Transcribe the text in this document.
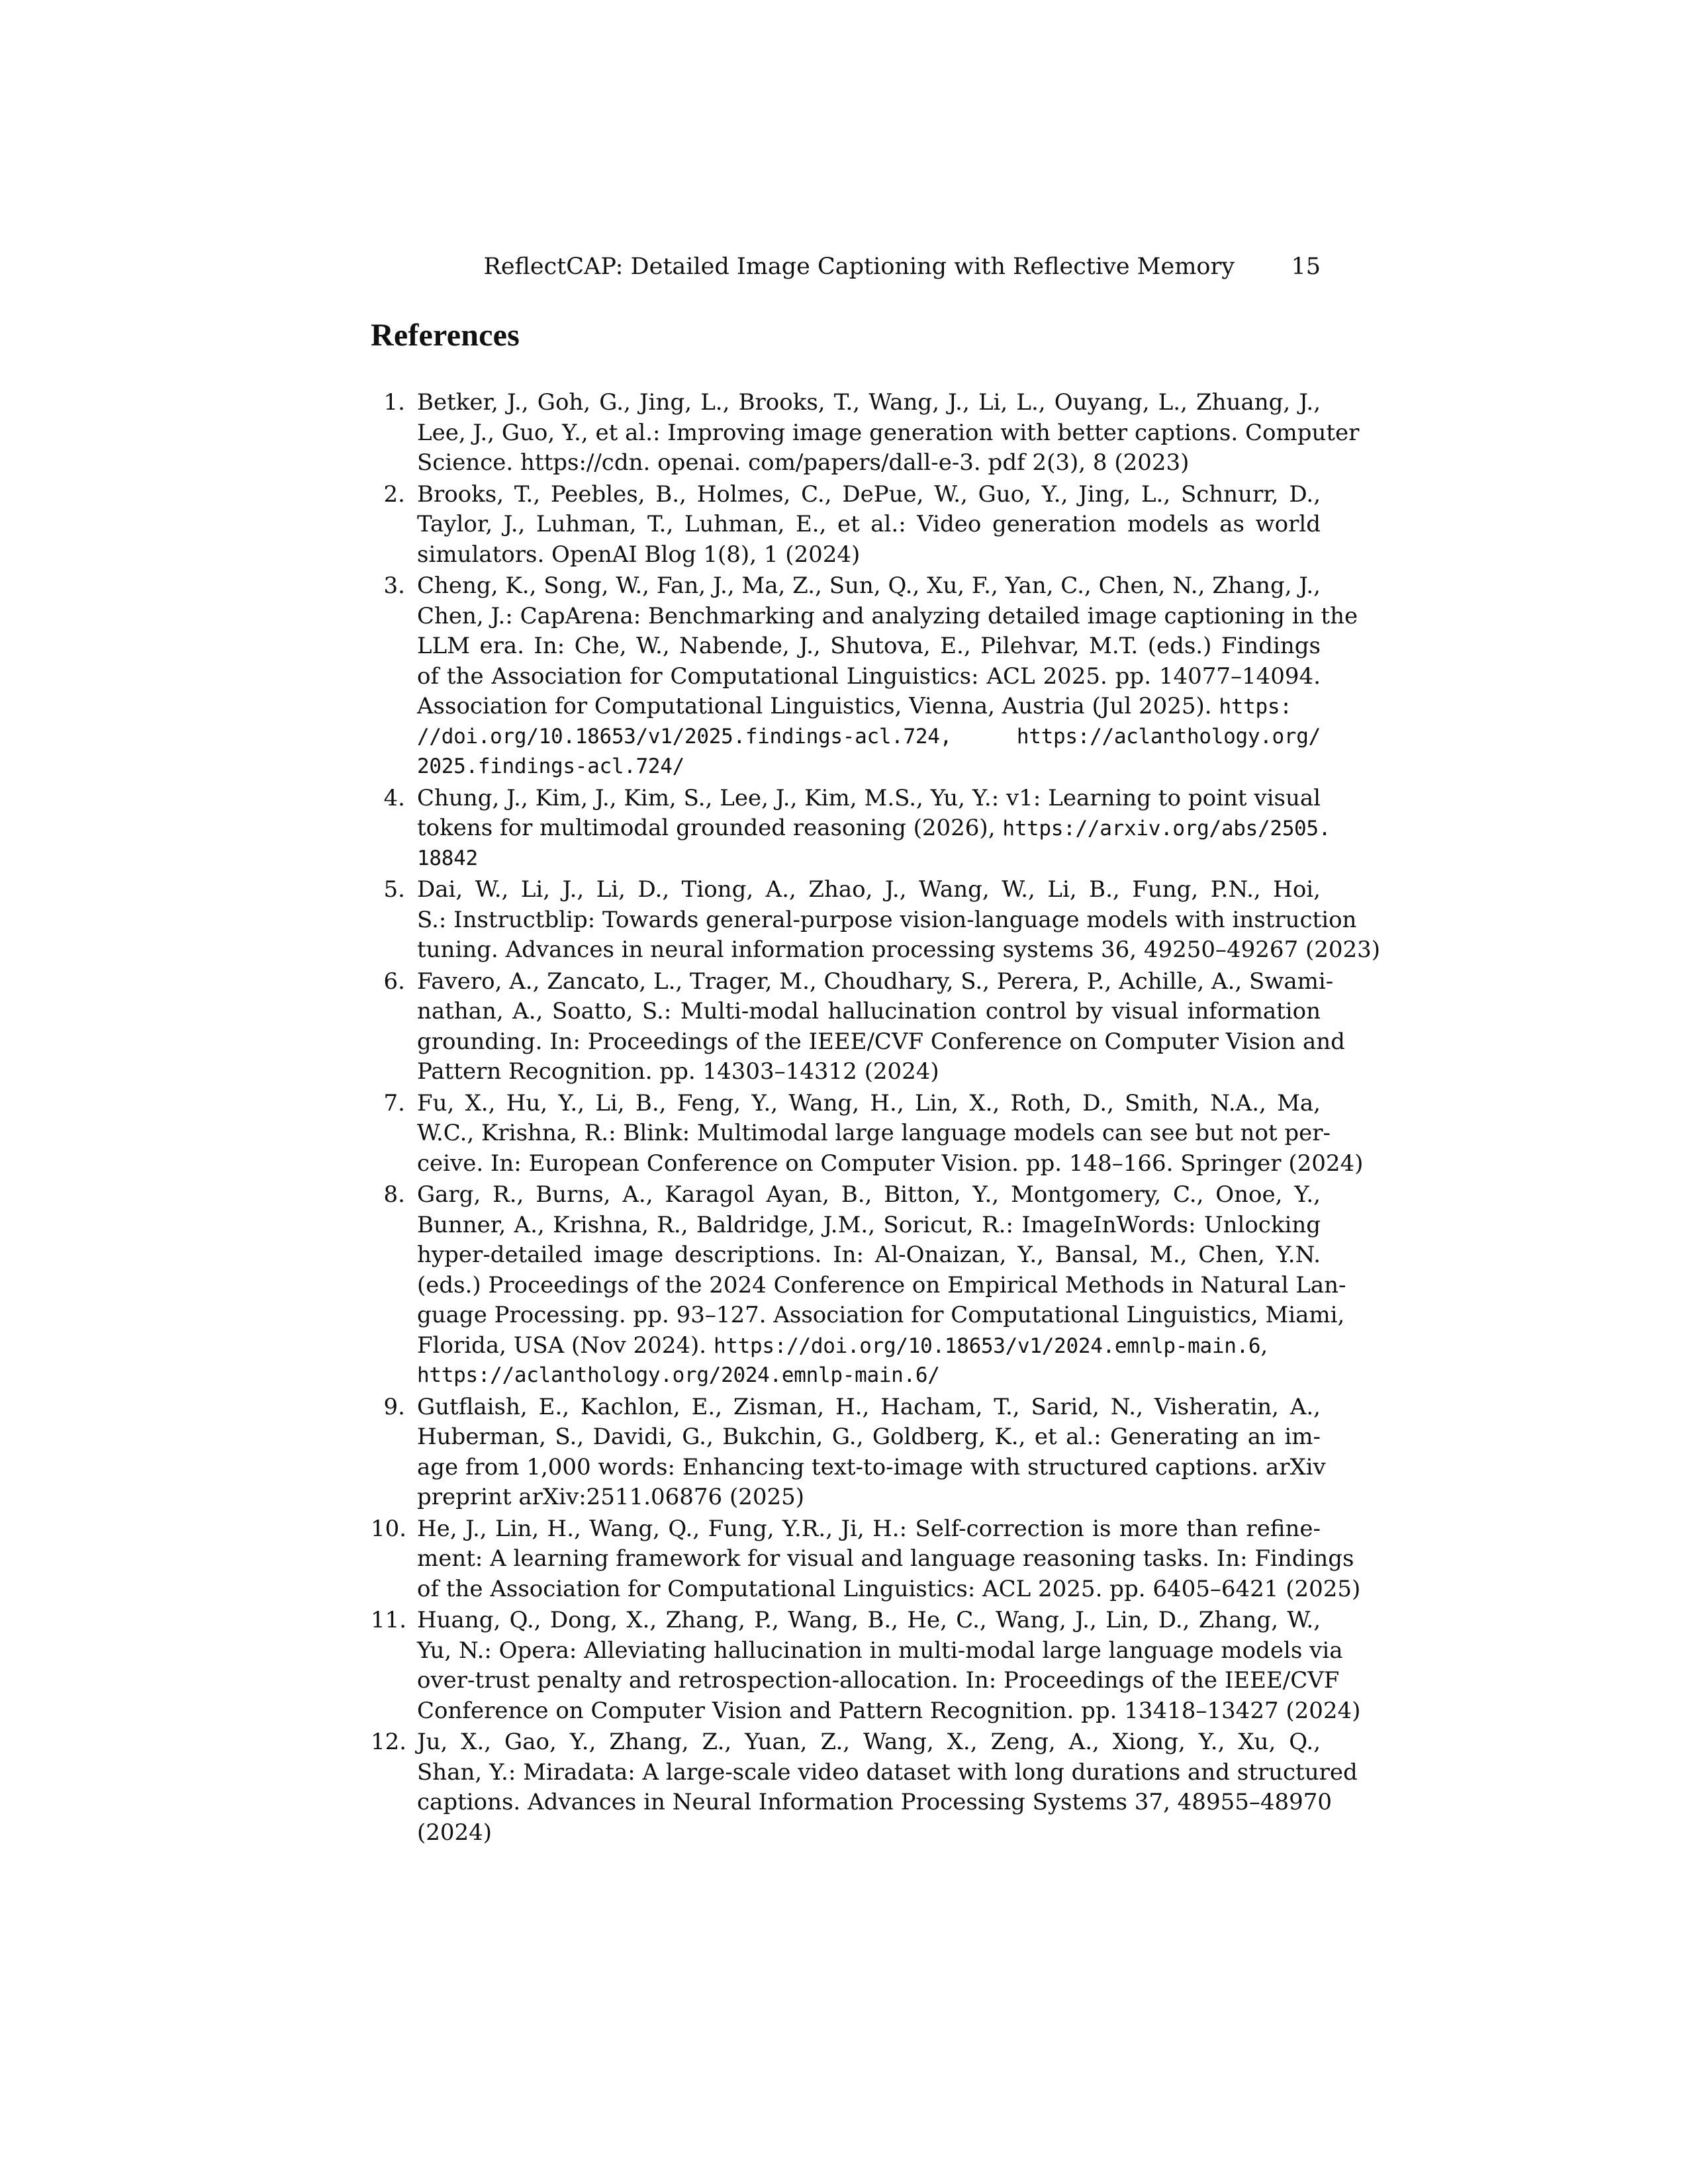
ReflectCAP: Detailed Image Captioning with Reflective Memory 15
References
1. Betker, J., Goh, G., Jing, L., Brooks, T., Wang, J., Li, L., Ouyang, L., Zhuang, J.,
Lee, J., Guo, Y., et al.: Improving image generation with better captions. Computer
Science. https://cdn. openai. com/papers/dall-e-3. pdf 2(3), 8 (2023)
2. Brooks, T., Peebles, B., Holmes, C., DePue, W., Guo, Y., Jing, L., Schnurr, D.,
Taylor, J., Luhman, T., Luhman, E., et al.: Video generation models as world
simulators. OpenAI Blog 1(8), 1 (2024)
3. Cheng, K., Song, W., Fan, J., Ma, Z., Sun, Q., Xu, F., Yan, C., Chen, N., Zhang, J.,
Chen, J.: CapArena: Benchmarking and analyzing detailed image captioning in the
LLM era. In: Che, W., Nabende, J., Shutova, E., Pilehvar, M.T. (eds.) Findings
of the Association for Computational Linguistics: ACL 2025. pp. 14077–14094.
Association for Computational Linguistics, Vienna, Austria (Jul 2025). https:
//doi.org/10.18653/v1/2025.findings-acl.724, https://aclanthology.org/
2025.findings-acl.724/
4. Chung, J., Kim, J., Kim, S., Lee, J., Kim, M.S., Yu, Y.: v1: Learning to point visual
tokens for multimodal grounded reasoning (2026), https://arxiv.org/abs/2505.
18842
5. Dai, W., Li, J., Li, D., Tiong, A., Zhao, J., Wang, W., Li, B., Fung, P.N., Hoi,
S.: Instructblip: Towards general-purpose vision-language models with instruction
tuning. Advances in neural information processing systems 36, 49250–49267 (2023)
6. Favero, A., Zancato, L., Trager, M., Choudhary, S., Perera, P., Achille, A., Swami-
nathan, A., Soatto, S.: Multi-modal hallucination control by visual information
grounding. In: Proceedings of the IEEE/CVF Conference on Computer Vision and
Pattern Recognition. pp. 14303–14312 (2024)
7. Fu, X., Hu, Y., Li, B., Feng, Y., Wang, H., Lin, X., Roth, D., Smith, N.A., Ma,
W.C., Krishna, R.: Blink: Multimodal large language models can see but not per-
ceive. In: European Conference on Computer Vision. pp. 148–166. Springer (2024)
8. Garg, R., Burns, A., Karagol Ayan, B., Bitton, Y., Montgomery, C., Onoe, Y.,
Bunner, A., Krishna, R., Baldridge, J.M., Soricut, R.: ImageInWords: Unlocking
hyper-detailed image descriptions. In: Al-Onaizan, Y., Bansal, M., Chen, Y.N.
(eds.) Proceedings of the 2024 Conference on Empirical Methods in Natural Lan-
guage Processing. pp. 93–127. Association for Computational Linguistics, Miami,
Florida, USA (Nov 2024). https://doi.org/10.18653/v1/2024.emnlp-main.6,
https://aclanthology.org/2024.emnlp-main.6/
9. Gutflaish, E., Kachlon, E., Zisman, H., Hacham, T., Sarid, N., Visheratin, A.,
Huberman, S., Davidi, G., Bukchin, G., Goldberg, K., et al.: Generating an im-
age from 1,000 words: Enhancing text-to-image with structured captions. arXiv
preprint arXiv:2511.06876 (2025)
10. He, J., Lin, H., Wang, Q., Fung, Y.R., Ji, H.: Self-correction is more than refine-
ment: A learning framework for visual and language reasoning tasks. In: Findings
of the Association for Computational Linguistics: ACL 2025. pp. 6405–6421 (2025)
11. Huang, Q., Dong, X., Zhang, P., Wang, B., He, C., Wang, J., Lin, D., Zhang, W.,
Yu, N.: Opera: Alleviating hallucination in multi-modal large language models via
over-trust penalty and retrospection-allocation. In: Proceedings of the IEEE/CVF
Conference on Computer Vision and Pattern Recognition. pp. 13418–13427 (2024)
12. Ju, X., Gao, Y., Zhang, Z., Yuan, Z., Wang, X., Zeng, A., Xiong, Y., Xu, Q.,
Shan, Y.: Miradata: A large-scale video dataset with long durations and structured
captions. Advances in Neural Information Processing Systems 37, 48955–48970
(2024)
